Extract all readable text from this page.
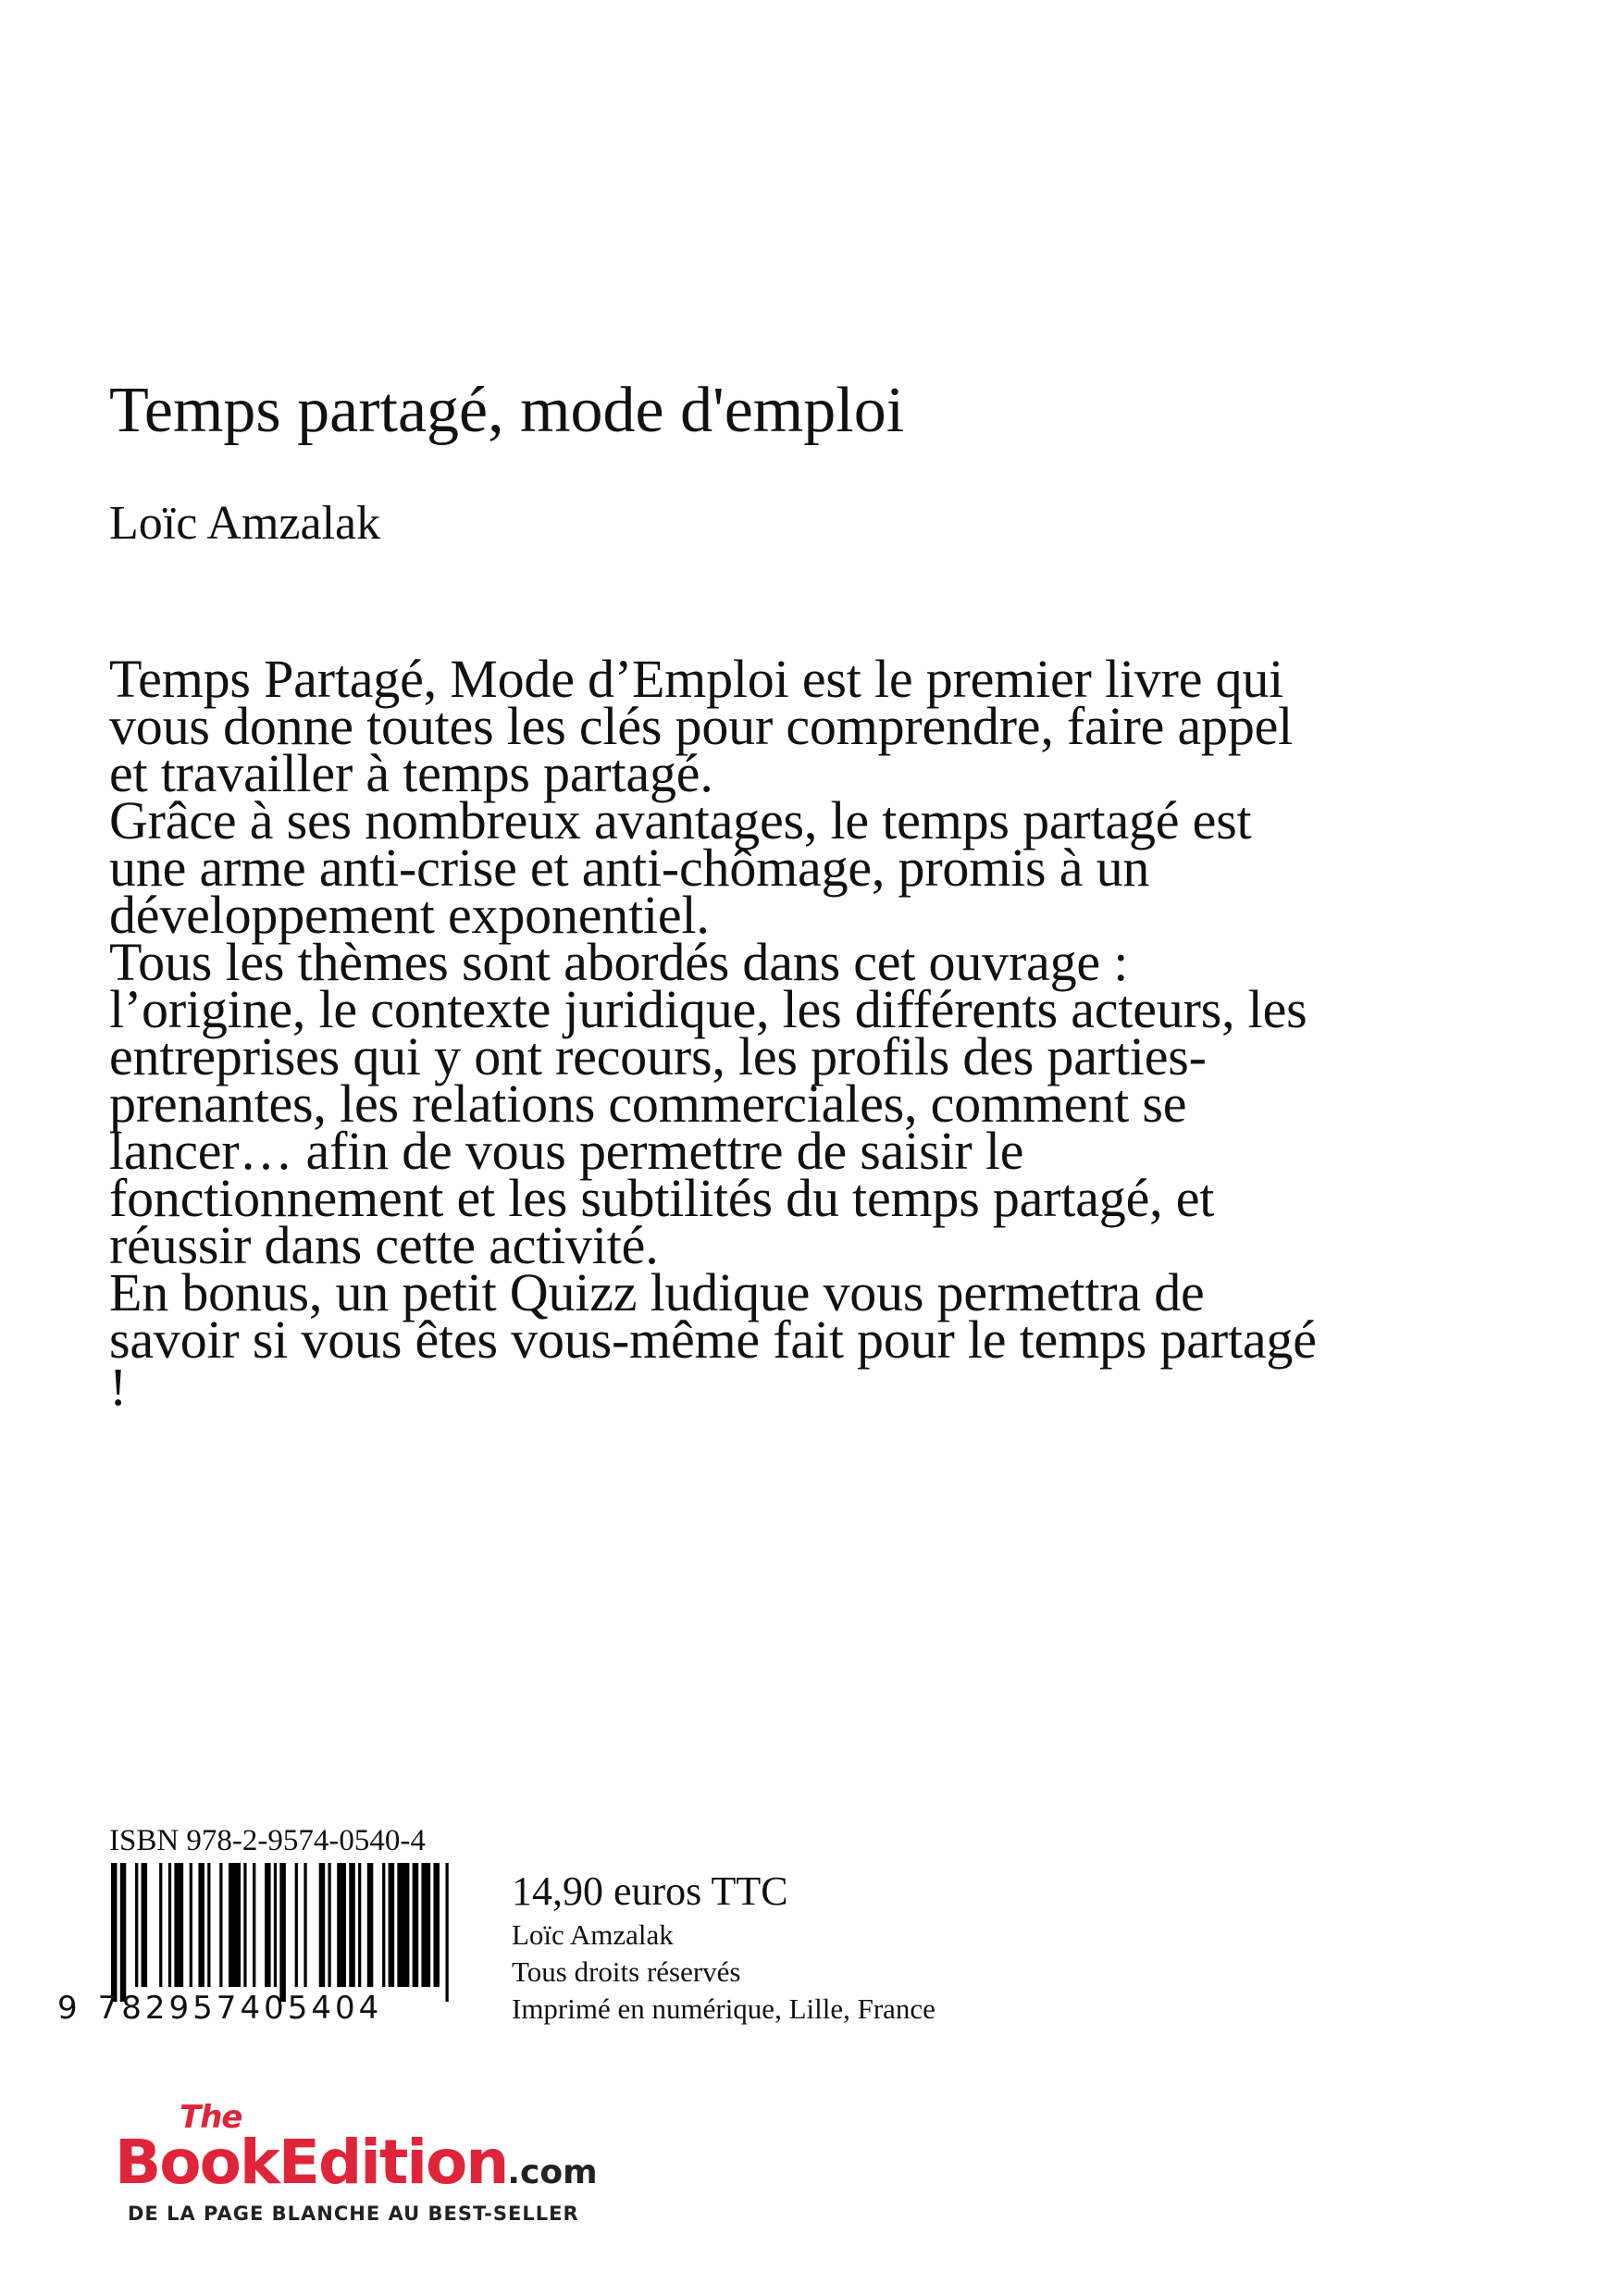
Temps partagé, mode d'emploi
Loïc Amzalak

Temps Partagé, Mode d’Emploi est le premier livre qui vous donne toutes les clés pour comprendre, faire appel et travailler à temps partagé.

Grâce à ses nombreux avantages, le temps partagé est une arme anti-crise et anti-chômage, promis à un développement exponentiel.

Tous les thèmes sont abordés dans cet ouvrage : l’origine, le contexte juridique, les différents acteurs, les entreprises qui y ont recours, les profils des parties-prenantes, les relations commerciales, comment se lancer… afin de vous permettre de saisir le fonctionnement et les subtilités du temps partagé, et réussir dans cette activité.

En bonus, un petit Quizz ludique vous permettra de savoir si vous êtes vous-même fait pour le temps partagé !

ISBN 978-2-9574-0540-4
9 782957405404
14,90 euros TTC
Loïc Amzalak
Tous droits réservés
Imprimé en numérique, Lille, France
The
BookEdition.com
DE LA PAGE BLANCHE AU BEST-SELLER
